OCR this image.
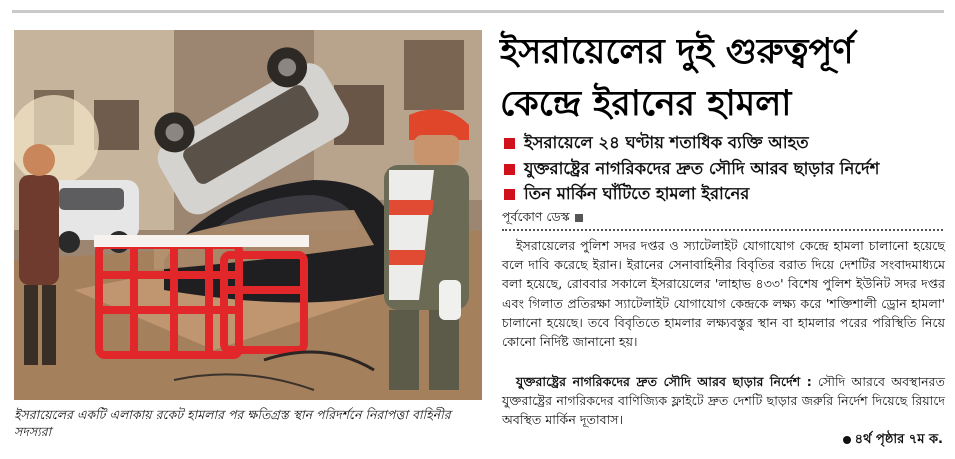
ইসরায়েলের একটি এলাকায় রকেট হামলার পর ক্ষতিগ্রস্ত স্থান পরিদর্শনে নিরাপত্তা বাহিনীর সদস্যরা

ইসরায়েলের দুই গুরুত্বপূর্ণ
কেন্দ্রে ইরানের হামলা
ইসরায়েলে ২৪ ঘণ্টায় শতাধিক ব্যক্তি আহত
যুক্তরাষ্ট্রের নাগরিকদের দ্রুত সৌদি আরব ছাড়ার নির্দেশ
তিন মার্কিন ঘাঁটিতে হামলা ইরানের
পূর্বকোণ ডেস্ক

ইসরায়েলের পুলিশ সদর দপ্তর ও স্যাটেলাইট যোগাযোগ কেন্দ্রে হামলা চালানো হয়েছে বলে দাবি করেছে ইরান। ইরানের সেনাবাহিনীর বিবৃতির বরাত দিয়ে দেশটির সংবাদমাধ্যমে বলা হয়েছে, রোববার সকালে ইসরায়েলের 'লাহাভ ৪৩৩' বিশেষ পুলিশ ইউনিট সদর দপ্তর এবং গিলাত প্রতিরক্ষা স্যাটেলাইট যোগাযোগ কেন্দ্রকে লক্ষ্য করে 'শক্তিশালী ড্রোন হামলা' চালানো হয়েছে। তবে বিবৃতিতে হামলার লক্ষ্যবস্তুর স্থান বা হামলার পরের পরিস্থিতি নিয়ে কোনো নির্দিষ্ট জানানো হয়।

যুক্তরাষ্ট্রের নাগরিকদের দ্রুত সৌদি আরব ছাড়ার নির্দেশ : সৌদি আরবে অবস্থানরত যুক্তরাষ্ট্রের নাগরিকদের বাণিজ্যিক ফ্লাইটে দ্রুত দেশটি ছাড়ার জরুরি নির্দেশ দিয়েছে রিয়াদে অবস্থিত মার্কিন দূতাবাস।

৪র্থ পৃষ্ঠার ৭ম ক.
